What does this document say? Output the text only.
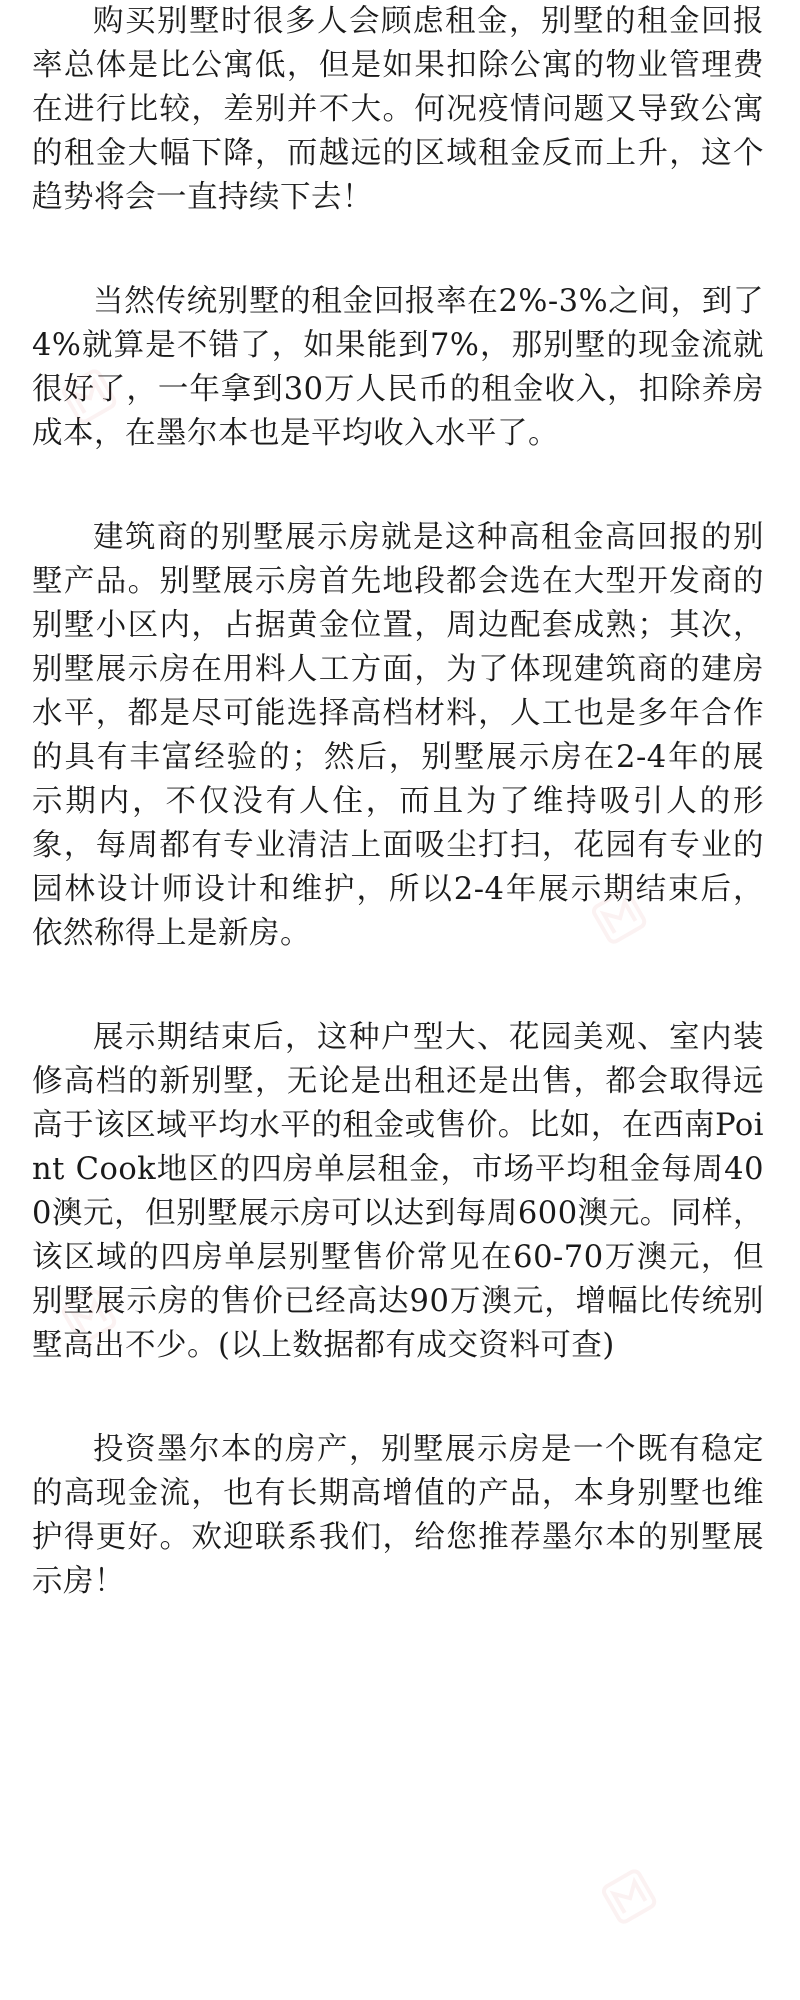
购买别墅时很多人会顾虑租金，别墅的租金回报率总体是比公寓低，但是如果扣除公寓的物业管理费在进行比较，差别并不大。何况疫情问题又导致公寓的租金大幅下降，而越远的区域租金反而上升，这个趋势将会一直持续下去！

当然传统别墅的租金回报率在2%-3%之间，到了4%就算是不错了，如果能到7%，那别墅的现金流就很好了，一年拿到30万人民币的租金收入，扣除养房成本，在墨尔本也是平均收入水平了。

建筑商的别墅展示房就是这种高租金高回报的别墅产品。别墅展示房首先地段都会选在大型开发商的别墅小区内，占据黄金位置，周边配套成熟；其次，别墅展示房在用料人工方面，为了体现建筑商的建房水平，都是尽可能选择高档材料，人工也是多年合作的具有丰富经验的；然后，别墅展示房在2-4年的展示期内，不仅没有人住，而且为了维持吸引人的形象，每周都有专业清洁上面吸尘打扫，花园有专业的园林设计师设计和维护，所以2-4年展示期结束后，依然称得上是新房。

展示期结束后，这种户型大、花园美观、室内装修高档的新别墅，无论是出租还是出售，都会取得远高于该区域平均水平的租金或售价。比如，在西南Point Cook地区的四房单层租金，市场平均租金每周400澳元，但别墅展示房可以达到每周600澳元。同样，该区域的四房单层别墅售价常见在60-70万澳元，但别墅展示房的售价已经高达90万澳元，增幅比传统别墅高出不少。(以上数据都有成交资料可查)

投资墨尔本的房产，别墅展示房是一个既有稳定的高现金流，也有长期高增值的产品，本身别墅也维护得更好。欢迎联系我们，给您推荐墨尔本的别墅展示房！
